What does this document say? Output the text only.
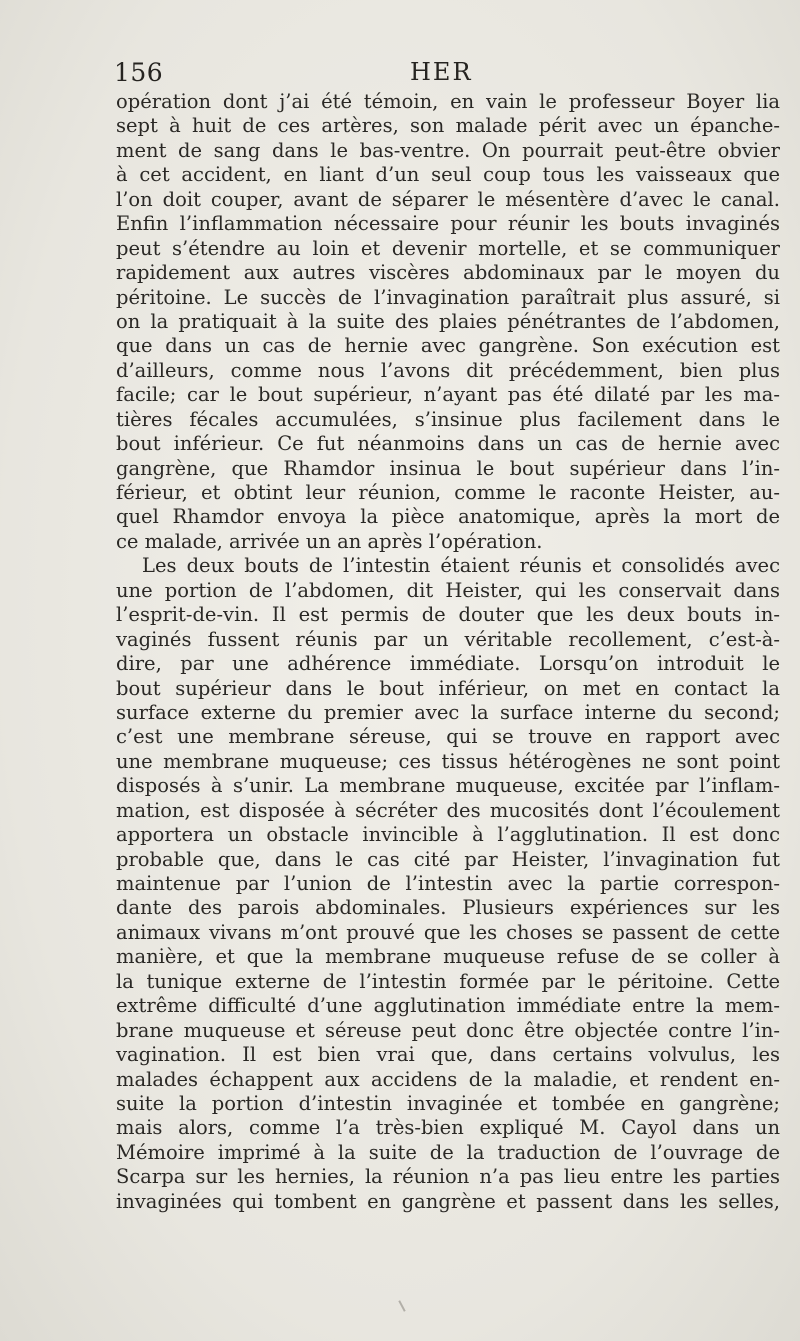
156	HER
opération dont j’ai été témoin, en vain le professeur Boyer lia
sept à huit de ces artères, son malade périt avec un épanche-
ment de sang dans le bas-ventre. On pourrait peut-être obvier
à cet accident, en liant d’un seul coup tous les vaisseaux que
l’on doit couper, avant de séparer le mésentère d’avec le canal.
Enfin l’inflammation nécessaire pour réunir les bouts invaginés
peut s’étendre au loin et devenir mortelle, et se communiquer
rapidement aux autres viscères abdominaux par le moyen du
péritoine. Le succès de l’invagination paraîtrait plus assuré, si
on la pratiquait à la suite des plaies pénétrantes de l’abdomen,
que dans un cas de hernie avec gangrène. Son exécution est
d’ailleurs, comme nous l’avons dit précédemment, bien plus
facile; car le bout supérieur, n’ayant pas été dilaté par les ma-
tières fécales accumulées, s’insinue plus facilement dans le
bout inférieur. Ce fut néanmoins dans un cas de hernie avec
gangrène, que Rhamdor insinua le bout supérieur dans l’in-
férieur, et obtint leur réunion, comme le raconte Heister, au-
quel Rhamdor envoya la pièce anatomique, après la mort de
ce malade, arrivée un an après l’opération.
Les deux bouts de l’intestin étaient réunis et consolidés avec
une portion de l’abdomen, dit Heister, qui les conservait dans
l’esprit-de-vin. Il est permis de douter que les deux bouts in-
vaginés fussent réunis par un véritable recollement, c’est-à-
dire, par une adhérence immédiate. Lorsqu’on introduit le
bout supérieur dans le bout inférieur, on met en contact la
surface externe du premier avec la surface interne du second;
c’est une membrane séreuse, qui se trouve en rapport avec
une membrane muqueuse; ces tissus hétérogènes ne sont point
disposés à s’unir. La membrane muqueuse, excitée par l’inflam-
mation, est disposée à sécréter des mucosités dont l’écoulement
apportera un obstacle invincible à l’agglutination. Il est donc
probable que, dans le cas cité par Heister, l’invagination fut
maintenue par l’union de l’intestin avec la partie correspon-
dante des parois abdominales. Plusieurs expériences sur les
animaux vivans m’ont prouvé que les choses se passent de cette
manière, et que la membrane muqueuse refuse de se coller à
la tunique externe de l’intestin formée par le péritoine. Cette
extrême difficulté d’une agglutination immédiate entre la mem-
brane muqueuse et séreuse peut donc être objectée contre l’in-
vagination. Il est bien vrai que, dans certains volvulus, les
malades échappent aux accidens de la maladie, et rendent en-
suite la portion d’intestin invaginée et tombée en gangrène;
mais alors, comme l’a très-bien expliqué M. Cayol dans un
Mémoire imprimé à la suite de la traduction de l’ouvrage de
Scarpa sur les hernies, la réunion n’a pas lieu entre les parties
invaginées qui tombent en gangrène et passent dans les selles,
